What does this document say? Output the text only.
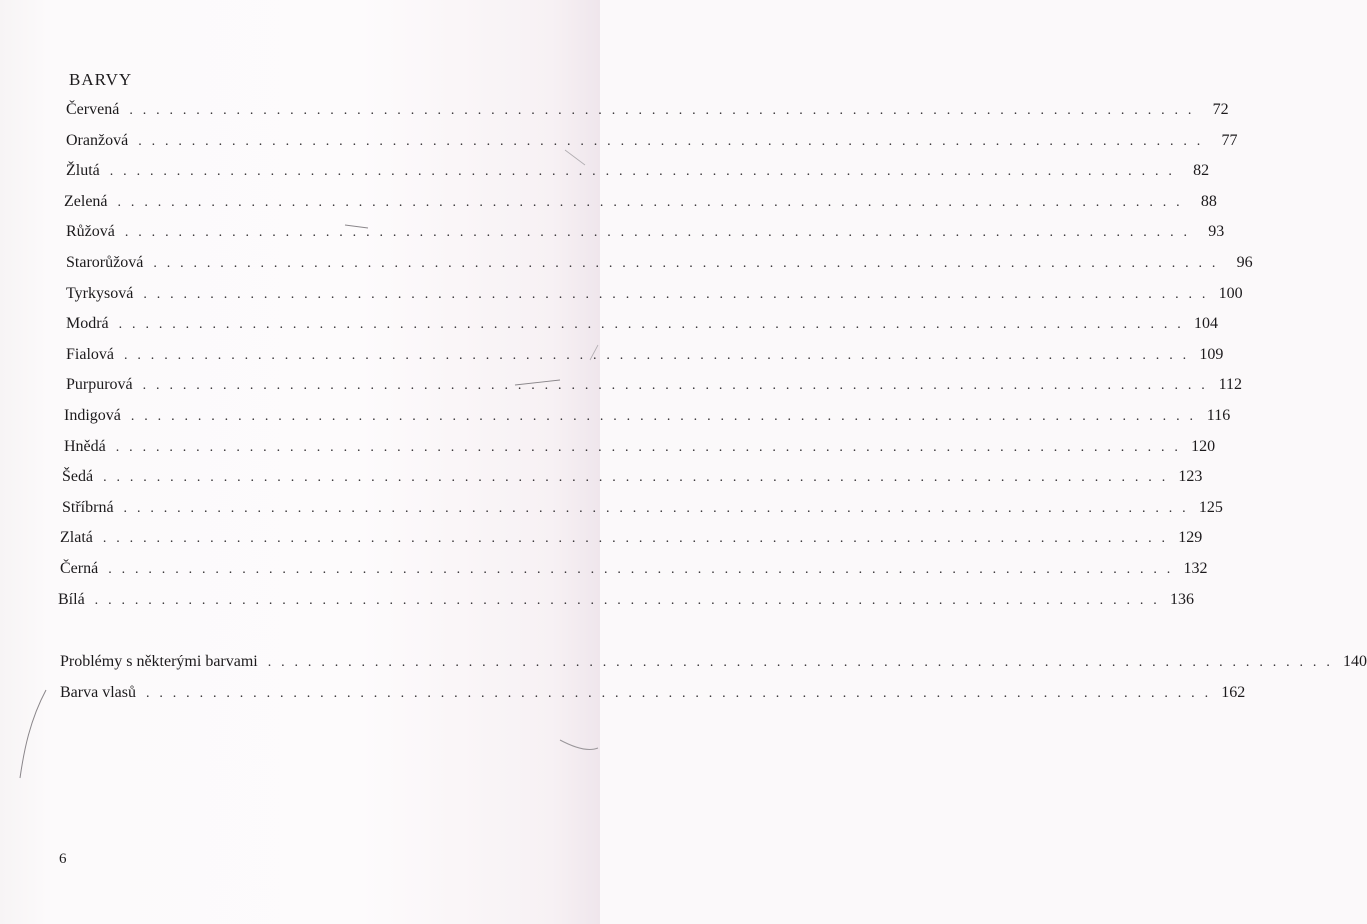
BARVY
Červená . . . . . . . . . . . . . . . . . . . . . . . . . . . . . . . . . . . . . . . . . . . . . . . . . . . . . . . . . . . . . . . . . . . . . . . . . . . . . . . .	72
Oranžová . . . . . . . . . . . . . . . . . . . . . . . . . . . . . . . . . . . . . . . . . . . . . . . . . . . . . . . . . . . . . . . . . . . . . . . . . . . . . . . .	77
Žlutá . . . . . . . . . . . . . . . . . . . . . . . . . . . . . . . . . . . . . . . . . . . . . . . . . . . . . . . . . . . . . . . . . . . . . . . . . . . . . . . .	82
Zelená . . . . . . . . . . . . . . . . . . . . . . . . . . . . . . . . . . . . . . . . . . . . . . . . . . . . . . . . . . . . . . . . . . . . . . . . . . . . . . . .	88
Růžová . . . . . . . . . . . . . . . . . . . . . . . . . . . . . . . . . . . . . . . . . . . . . . . . . . . . . . . . . . . . . . . . . . . . . . . . . . . . . . . .	93
Starorůžová . . . . . . . . . . . . . . . . . . . . . . . . . . . . . . . . . . . . . . . . . . . . . . . . . . . . . . . . . . . . . . . . . . . . . . . . . . . . . . . .	96
Tyrkysová . . . . . . . . . . . . . . . . . . . . . . . . . . . . . . . . . . . . . . . . . . . . . . . . . . . . . . . . . . . . . . . . . . . . . . . . . . . . . . . . 100
Modrá . . . . . . . . . . . . . . . . . . . . . . . . . . . . . . . . . . . . . . . . . . . . . . . . . . . . . . . . . . . . . . . . . . . . . . . . . . . . . . . . 104
Fialová . . . . . . . . . . . . . . . . . . . . . . . . . . . . . . . . . . . . . . . . . . . . . . . . . . . . . . . . . . . . . . . . . . . . . . . . . . . . . . . . 109
Purpurová . . . . . . . . . . . . . . . . . . . . . . . . . . . . . . . . . . . . . . . . . . . . . . . . . . . . . . . . . . . . . . . . . . . . . . . . . . . . . . . . 112
Indigová . . . . . . . . . . . . . . . . . . . . . . . . . . . . . . . . . . . . . . . . . . . . . . . . . . . . . . . . . . . . . . . . . . . . . . . . . . . . . . . . 116
Hnědá . . . . . . . . . . . . . . . . . . . . . . . . . . . . . . . . . . . . . . . . . . . . . . . . . . . . . . . . . . . . . . . . . . . . . . . . . . . . . . . . 120
Šedá . . . . . . . . . . . . . . . . . . . . . . . . . . . . . . . . . . . . . . . . . . . . . . . . . . . . . . . . . . . . . . . . . . . . . . . . . . . . . . . . 123
Stříbrná . . . . . . . . . . . . . . . . . . . . . . . . . . . . . . . . . . . . . . . . . . . . . . . . . . . . . . . . . . . . . . . . . . . . . . . . . . . . . . . . 125
Zlatá . . . . . . . . . . . . . . . . . . . . . . . . . . . . . . . . . . . . . . . . . . . . . . . . . . . . . . . . . . . . . . . . . . . . . . . . . . . . . . . . 129
Černá . . . . . . . . . . . . . . . . . . . . . . . . . . . . . . . . . . . . . . . . . . . . . . . . . . . . . . . . . . . . . . . . . . . . . . . . . . . . . . . . 132
Bílá . . . . . . . . . . . . . . . . . . . . . . . . . . . . . . . . . . . . . . . . . . . . . . . . . . . . . . . . . . . . . . . . . . . . . . . . . . . . . . . . 136
Problémy s některými barvami . . . . . . . . . . . . . . . . . . . . . . . . . . . . . . . . . . . . . . . . . . . . . . . . . . . . . . . . . . . . . . . . . . . . . . . . . . . . . . . . 140
Barva vlasů . . . . . . . . . . . . . . . . . . . . . . . . . . . . . . . . . . . . . . . . . . . . . . . . . . . . . . . . . . . . . . . . . . . . . . . . . . . . . . . . 162
6
